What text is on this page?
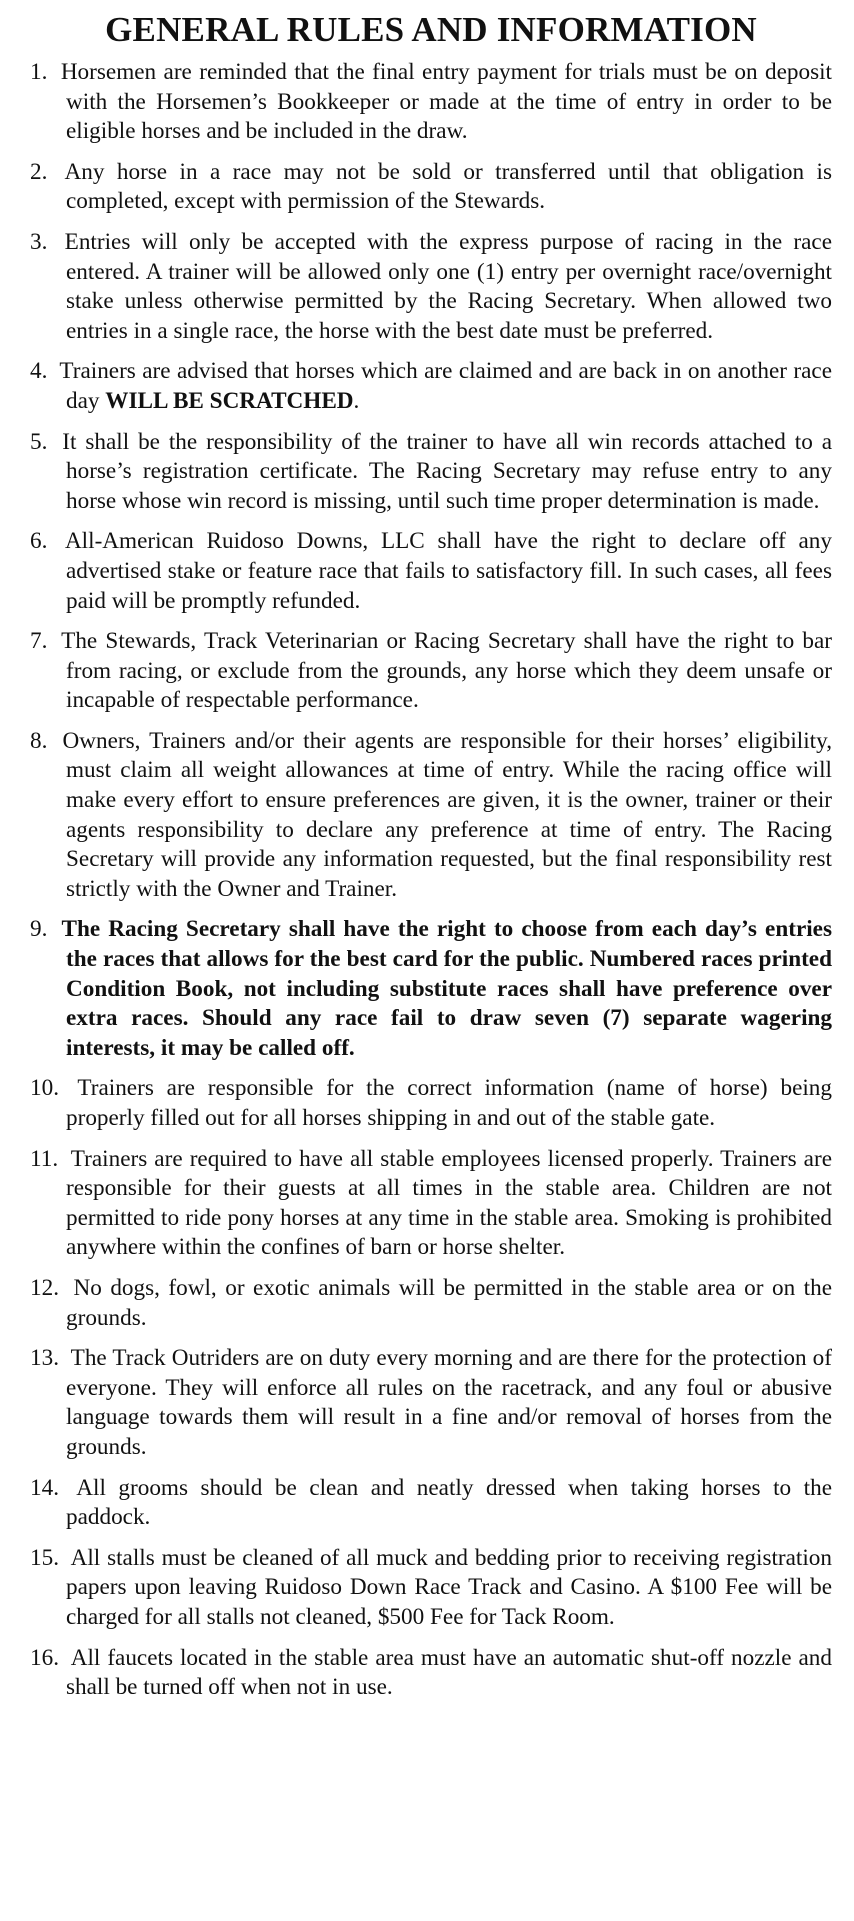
GENERAL RULES AND INFORMATION
1. Horsemen are reminded that the final entry payment for trials must be on deposit with the Horsemen’s Bookkeeper or made at the time of entry in order to be eligible horses and be included in the draw.
2. Any horse in a race may not be sold or transferred until that obligation is completed, except with permission of the Stewards.
3. Entries will only be accepted with the express purpose of racing in the race entered. A trainer will be allowed only one (1) entry per overnight race/overnight stake unless otherwise permitted by the Racing Secretary. When allowed two entries in a single race, the horse with the best date must be preferred.
4. Trainers are advised that horses which are claimed and are back in on another race day WILL BE SCRATCHED.
5. It shall be the responsibility of the trainer to have all win records attached to a horse’s registration certificate. The Racing Secretary may refuse entry to any horse whose win record is missing, until such time proper determination is made.
6. All-American Ruidoso Downs, LLC shall have the right to declare off any advertised stake or feature race that fails to satisfactory fill. In such cases, all fees paid will be promptly refunded.
7. The Stewards, Track Veterinarian or Racing Secretary shall have the right to bar from racing, or exclude from the grounds, any horse which they deem unsafe or incapable of respectable performance.
8. Owners, Trainers and/or their agents are responsible for their horses’ eligibility, must claim all weight allowances at time of entry. While the racing office will make every effort to ensure preferences are given, it is the owner, trainer or their agents responsibility to declare any preference at time of entry. The Racing Secretary will provide any information requested, but the final responsibility rest strictly with the Owner and Trainer.
9. The Racing Secretary shall have the right to choose from each day’s entries the races that allows for the best card for the public. Numbered races printed Condition Book, not including substitute races shall have preference over extra races. Should any race fail to draw seven (7) separate wagering interests, it may be called off.
10. Trainers are responsible for the correct information (name of horse) being properly filled out for all horses shipping in and out of the stable gate.
11. Trainers are required to have all stable employees licensed properly. Trainers are responsible for their guests at all times in the stable area. Children are not permitted to ride pony horses at any time in the stable area. Smoking is prohibited anywhere within the confines of barn or horse shelter.
12. No dogs, fowl, or exotic animals will be permitted in the stable area or on the grounds.
13. The Track Outriders are on duty every morning and are there for the protection of everyone. They will enforce all rules on the racetrack, and any foul or abusive language towards them will result in a fine and/or removal of horses from the grounds.
14. All grooms should be clean and neatly dressed when taking horses to the paddock.
15. All stalls must be cleaned of all muck and bedding prior to receiving registration papers upon leaving Ruidoso Down Race Track and Casino. A $100 Fee will be charged for all stalls not cleaned, $500 Fee for Tack Room.
16. All faucets located in the stable area must have an automatic shut-off nozzle and shall be turned off when not in use.
